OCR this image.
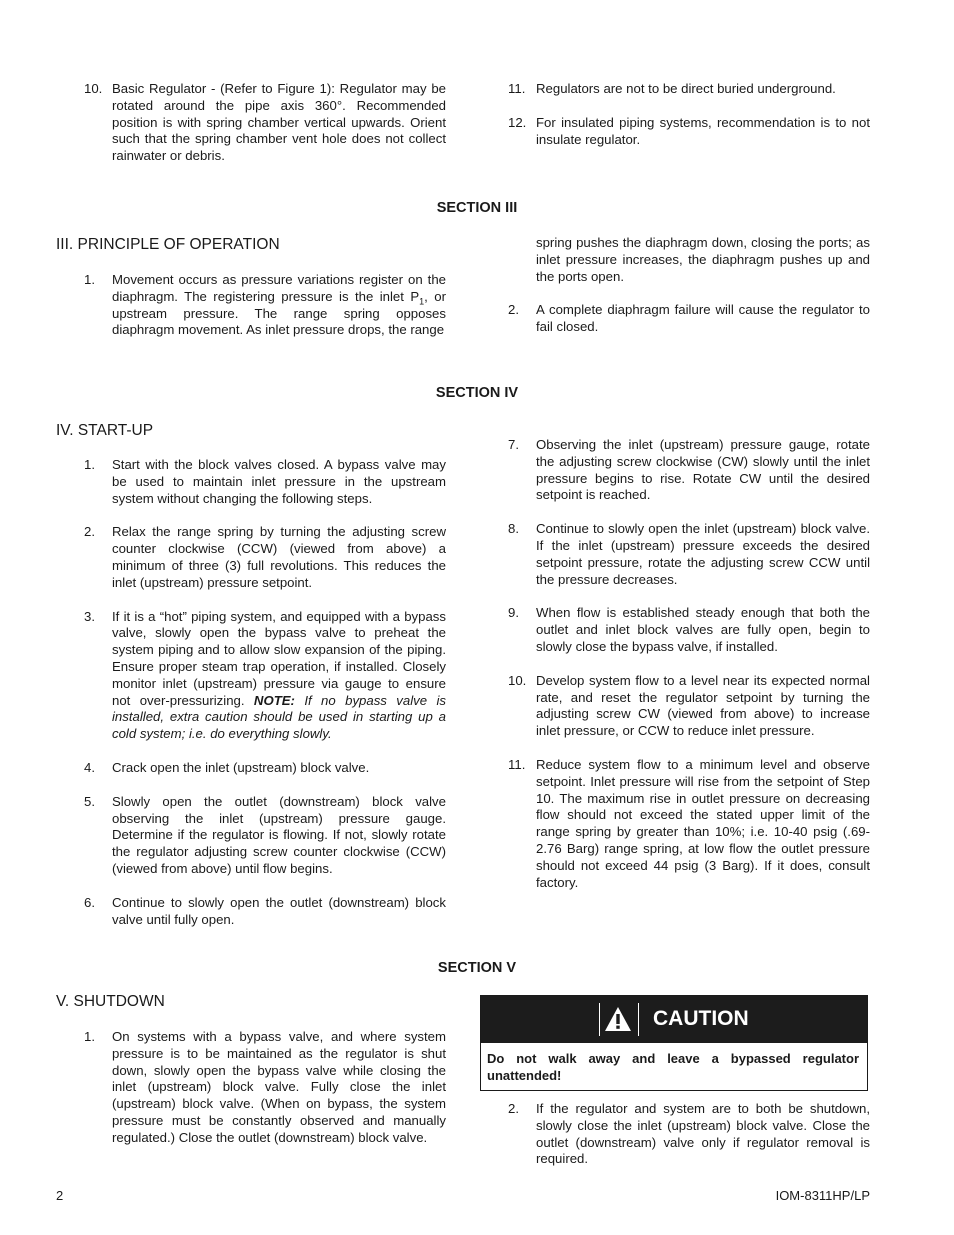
10. Basic Regulator - (Refer to Figure 1): Regulator may be rotated around the pipe axis 360°. Recommended position is with spring chamber vertical upwards. Orient such that the spring chamber vent hole does not collect rainwater or debris.
11. Regulators are not to be direct buried underground.
12. For insulated piping systems, recommendation is to not insulate regulator.
SECTION III
III. PRINCIPLE OF OPERATION
1. Movement occurs as pressure variations register on the diaphragm. The registering pressure is the inlet $P_1$, or upstream pressure. The range spring opposes diaphragm movement. As inlet pressure drops, the range
spring pushes the diaphragm down, closing the ports; as inlet pressure increases, the diaphragm pushes up and the ports open.
2. A complete diaphragm failure will cause the regulator to fail closed.
SECTION IV
IV. START-UP
1. Start with the block valves closed. A bypass valve may be used to maintain inlet pressure in the upstream system without changing the following steps.
2. Relax the range spring by turning the adjusting screw counter clockwise (CCW) (viewed from above) a minimum of three (3) full revolutions. This reduces the inlet (upstream) pressure setpoint.
3. If it is a “hot” piping system, and equipped with a bypass valve, slowly open the bypass valve to preheat the system piping and to allow slow expansion of the piping. Ensure proper steam trap operation, if installed. Closely monitor inlet (upstream) pressure via gauge to ensure not over-pressurizing. NOTE: If no bypass valve is installed, extra caution should be used in starting up a cold system; i.e. do everything slowly.
4. Crack open the inlet (upstream) block valve.
5. Slowly open the outlet (downstream) block valve observing the inlet (upstream) pressure gauge. Determine if the regulator is flowing. If not, slowly rotate the regulator adjusting screw counter clockwise (CCW) (viewed from above) until flow begins.
6. Continue to slowly open the outlet (downstream) block valve until fully open.
7. Observing the inlet (upstream) pressure gauge, rotate the adjusting screw clockwise (CW) slowly until the inlet pressure begins to rise. Rotate CW until the desired setpoint is reached.
8. Continue to slowly open the inlet (upstream) block valve. If the inlet (upstream) pressure exceeds the desired setpoint pressure, rotate the adjusting screw CCW until the pressure decreases.
9. When flow is established steady enough that both the outlet and inlet block valves are fully open, begin to slowly close the bypass valve, if installed.
10. Develop system flow to a level near its expected normal rate, and reset the regulator setpoint by turning the adjusting screw CW (viewed from above) to increase inlet pressure, or CCW to reduce inlet pressure.
11. Reduce system flow to a minimum level and observe setpoint. Inlet pressure will rise from the setpoint of Step 10. The maximum rise in outlet pressure on decreasing flow should not exceed the stated upper limit of the range spring by greater than 10%; i.e. 10-40 psig (.69-2.76 Barg) range spring, at low flow the outlet pressure should not exceed 44 psig (3 Barg). If it does, consult factory.
SECTION V
V. SHUTDOWN
1. On systems with a bypass valve, and where system pressure is to be maintained as the regulator is shut down, slowly open the bypass valve while closing the inlet (upstream) block valve. Fully close the inlet (upstream) block valve. (When on bypass, the system pressure must be constantly observed and manually regulated.) Close the outlet (downstream) block valve.
CAUTION
Do not walk away and leave a bypassed regulator unattended!
2. If the regulator and system are to both be shutdown, slowly close the inlet (upstream) block valve. Close the outlet (downstream) valve only if regulator removal is required.
2	IOM-8311HP/LP
